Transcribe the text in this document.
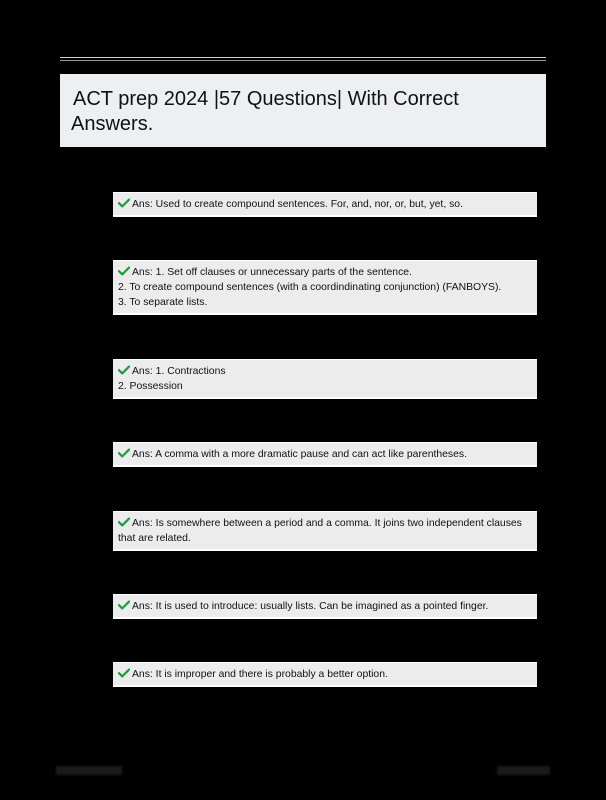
ACT prep 2024 |57 Questions| With Correct
Answers.
Ans: Used to create compound sentences. For, and, nor, or, but, yet, so.
Ans: 1. Set off clauses or unnecessary parts of the sentence.
2. To create compound sentences (with a coordindinating conjunction) (FANBOYS).
3. To separate lists.
Ans: 1. Contractions
2. Possession
Ans: A comma with a more dramatic pause and can act like parentheses.
Ans: Is somewhere between a period and a comma. It joins two independent clauses
that are related.
Ans: It is used to introduce: usually lists. Can be imagined as a pointed finger.
Ans: It is improper and there is probably a better option.
